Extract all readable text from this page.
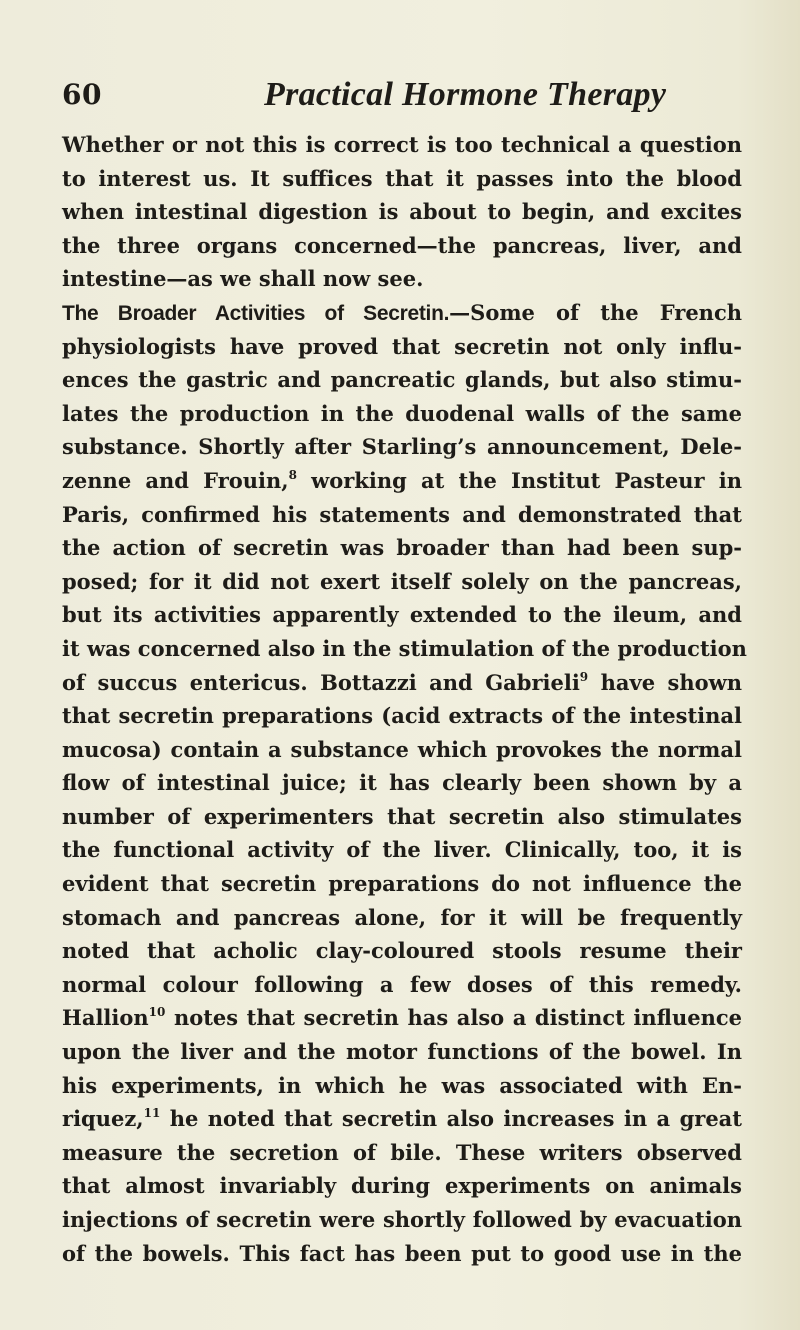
60	Practical Hormone Therapy
Whether or not this is correct is too technical a question
to interest us. It suffices that it passes into the blood
when intestinal digestion is about to begin, and excites
the three organs concerned—the pancreas, liver, and
intestine—as we shall now see.
The Broader Activities of Secretin.—Some of the French
physiologists have proved that secretin not only influ-
ences the gastric and pancreatic glands, but also stimu-
lates the production in the duodenal walls of the same
substance. Shortly after Starling’s announcement, Dele-
zenne and Frouin,$^8$ working at the Institut Pasteur in
Paris, confirmed his statements and demonstrated that
the action of secretin was broader than had been sup-
posed; for it did not exert itself solely on the pancreas,
but its activities apparently extended to the ileum, and
it was concerned also in the stimulation of the production
of succus entericus. Bottazzi and Gabrieli$^9$ have shown
that secretin preparations (acid extracts of the intestinal
mucosa) contain a substance which provokes the normal
flow of intestinal juice; it has clearly been shown by a
number of experimenters that secretin also stimulates
the functional activity of the liver. Clinically, too, it is
evident that secretin preparations do not influence the
stomach and pancreas alone, for it will be frequently
noted that acholic clay-coloured stools resume their
normal colour following a few doses of this remedy.
Hallion$^{10}$ notes that secretin has also a distinct influence
upon the liver and the motor functions of the bowel. In
his experiments, in which he was associated with En-
riquez,$^{11}$ he noted that secretin also increases in a great
measure the secretion of bile. These writers observed
that almost invariably during experiments on animals
injections of secretin were shortly followed by evacuation
of the bowels. This fact has been put to good use in the
